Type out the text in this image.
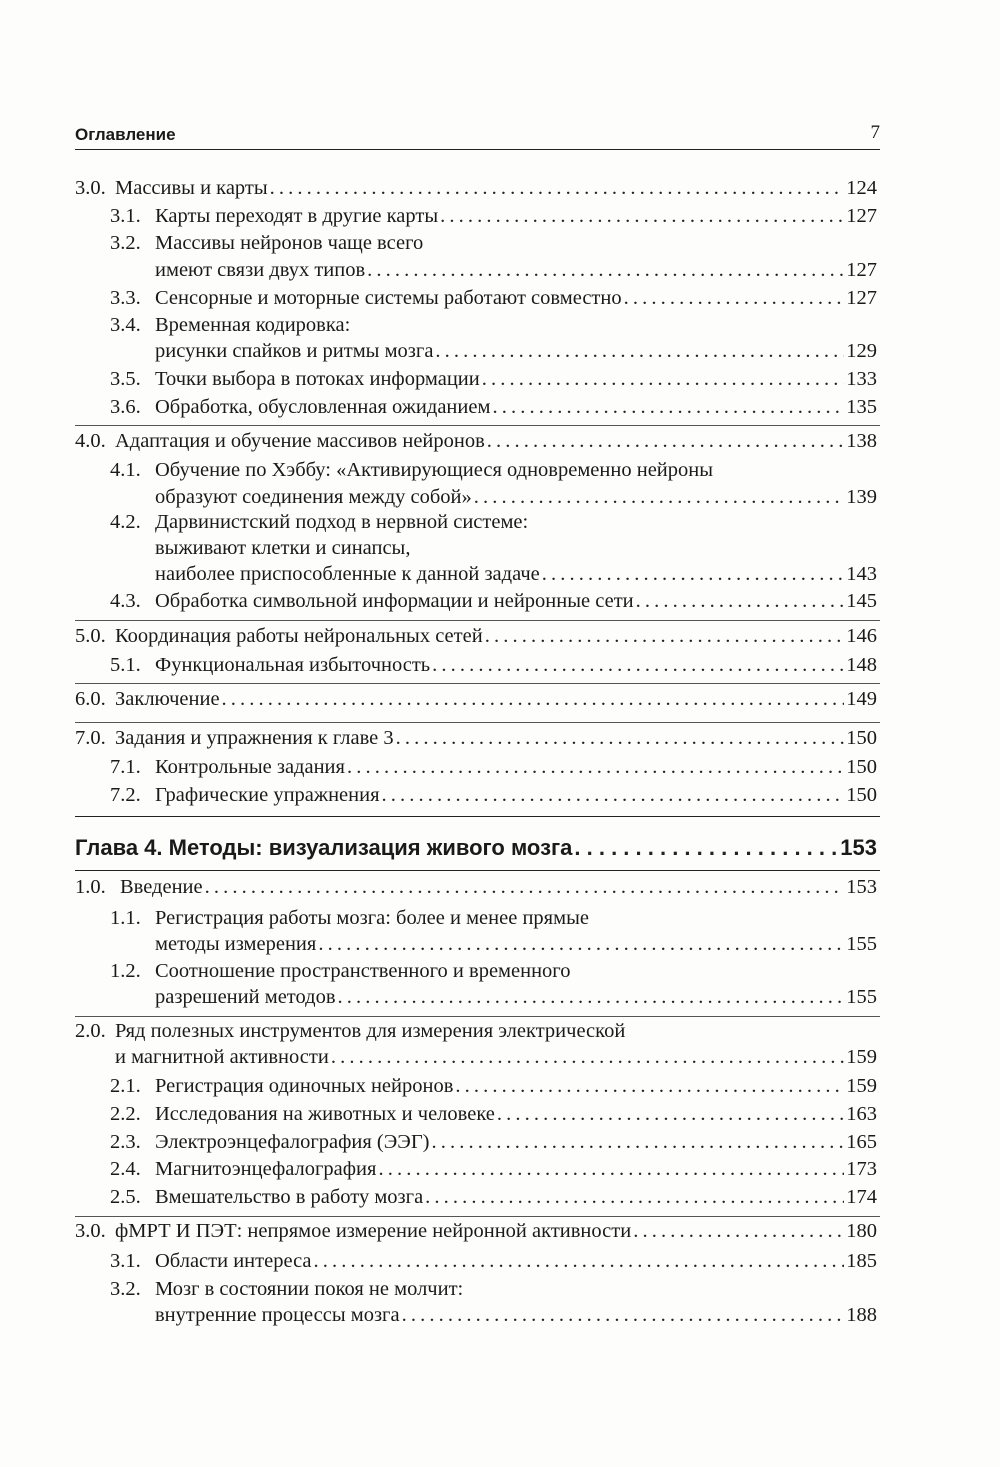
Оглавление	7
3.0. Массивы и карты . . .	124
3.1. Карты переходят в другие карты . . .	127
3.2. Массивы нейронов чаще всего
имеют связи двух типов . . .	127
3.3. Сенсорные и моторные системы работают совместно . . .	127
3.4. Временная кодировка:
рисунки спайков и ритмы мозга . . .	129
3.5. Точки выбора в потоках информации . . .	133
3.6. Обработка, обусловленная ожиданием . . .	135
4.0. Адаптация и обучение массивов нейронов . . .	138
4.1. Обучение по Хэббу: «Активирующиеся одновременно нейроны
образуют соединения между собой» . . .	139
4.2. Дарвинистский подход в нервной системе:
выживают клетки и синапсы,
наиболее приспособленные к данной задаче . . .	143
4.3. Обработка символьной информации и нейронные сети . . .	145
5.0. Координация работы нейрональных сетей . . .	146
5.1. Функциональная избыточность . . .	148
6.0. Заключение . . .	149
7.0. Задания и упражнения к главе 3 . . .	150
7.1. Контрольные задания . . .	150
7.2. Графические упражнения . . .	150
Глава 4. Методы: визуализация живого мозга . . .	153
1.0. Введение . . .	153
1.1. Регистрация работы мозга: более и менее прямые
методы измерения . . .	155
1.2. Соотношение пространственного и временного
разрешений методов . . .	155
2.0. Ряд полезных инструментов для измерения электрической
и магнитной активности . . .	159
2.1. Регистрация одиночных нейронов . . .	159
2.2. Исследования на животных и человеке . . .	163
2.3. Электроэнцефалография (ЭЭГ) . . .	165
2.4. Магнитоэнцефалография . . .	173
2.5. Вмешательство в работу мозга . . .	174
3.0. фМРТ И ПЭТ: непрямое измерение нейронной активности . . .	180
3.1. Области интереса . . .	185
3.2. Мозг в состоянии покоя не молчит:
внутренние процессы мозга . . .	188
